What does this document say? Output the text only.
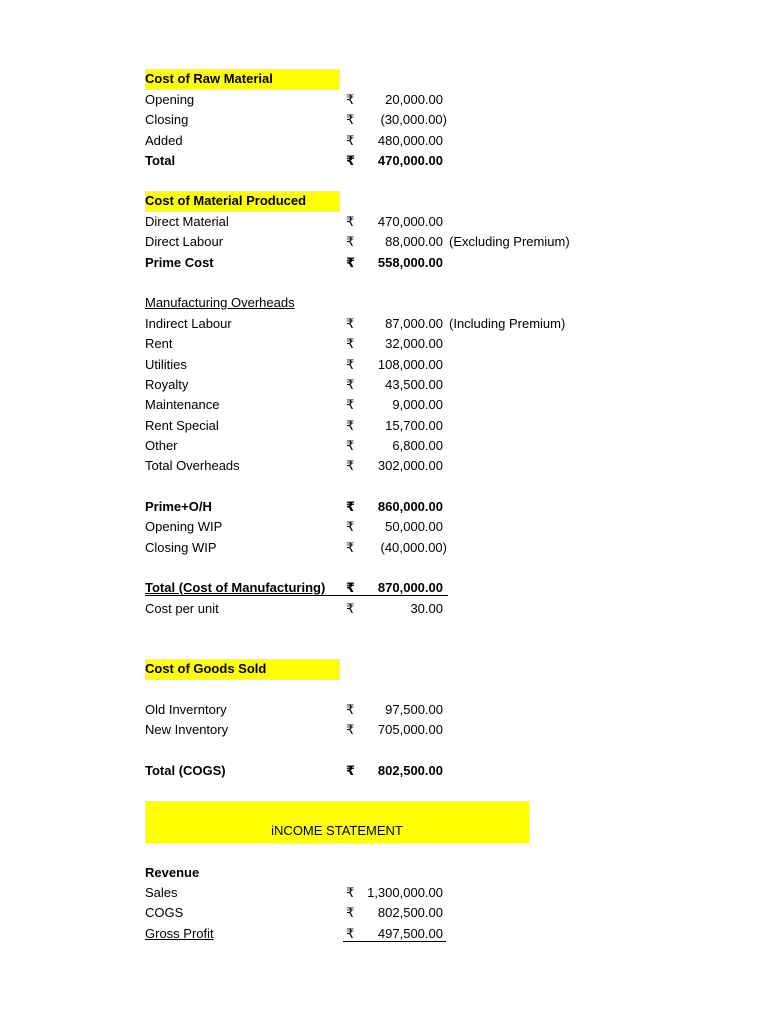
Cost of Raw Material
Opening	₹ 20,000.00
Closing	₹ (30,000.00)
Added	₹ 480,000.00
Total	₹ 470,000.00
Cost of Material Produced
Direct Material	₹ 470,000.00
Direct Labour	₹ 88,000.00 (Excluding Premium)
Prime Cost	₹ 558,000.00
Manufacturing Overheads
Indirect Labour	₹ 87,000.00 (Including Premium)
Rent	₹ 32,000.00
Utilities	₹ 108,000.00
Royalty	₹ 43,500.00
Maintenance	₹	9,000.00
Rent Special	₹ 15,700.00
Other	₹	6,800.00
Total Overheads	₹ 302,000.00
Prime+O/H	₹ 860,000.00
Opening WIP	₹ 50,000.00
Closing WIP	₹ (40,000.00)
Total (Cost of Manufacturing) ₹ 870,000.00
Cost per unit	₹	30.00
Cost of Goods Sold
Old Inverntory	₹ 97,500.00
New Inventory	₹ 705,000.00
Total (COGS)	₹ 802,500.00
iNCOME STATEMENT
Revenue
Sales	₹ 1,300,000.00
COGS	₹ 802,500.00
Gross Profit	₹ 497,500.00
